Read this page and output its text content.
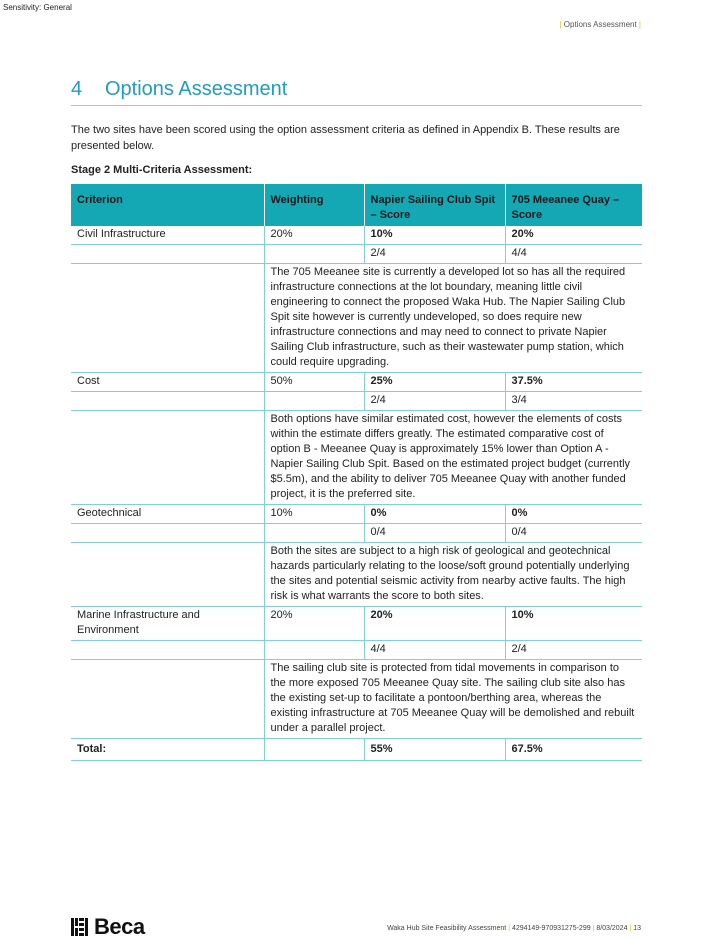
Sensitivity: General
| Options Assessment |
4 Options Assessment

The two sites have been scored using the option assessment criteria as defined in Appendix B. These results are presented below.

Stage 2 Multi-Criteria Assessment:
Criterion	Weighting	Napier Sailing Club Spit – Score	705 Meeanee Quay – Score
Civil Infrastructure	20%	10%	20%
		2/4	4/4
	The 705 Meeanee site is currently a developed lot so has all the required infrastructure connections at the lot boundary, meaning little civil engineering to connect the proposed Waka Hub. The Napier Sailing Club Spit site however is currently undeveloped, so does require new infrastructure connections and may need to connect to private Napier Sailing Club infrastructure, such as their wastewater pump station, which could require upgrading.		
Cost	50%	25%	37.5%
		2/4	3/4
	Both options have similar estimated cost, however the elements of costs within the estimate differs greatly. The estimated comparative cost of option B - Meeanee Quay is approximately 15% lower than Option A - Napier Sailing Club Spit. Based on the estimated project budget (currently $5.5m), and the ability to deliver 705 Meeanee Quay with another funded project, it is the preferred site.		
Geotechnical	10%	0%	0%
		0/4	0/4
	Both the sites are subject to a high risk of geological and geotechnical hazards particularly relating to the loose/soft ground potentially underlying the sites and potential seismic activity from nearby active faults. The high risk is what warrants the score to both sites.		
Marine Infrastructure and Environment	20%	20%	10%
		4/4	2/4
	The sailing club site is protected from tidal movements in comparison to the more exposed 705 Meeanee Quay site. The sailing club site also has the existing set-up to facilitate a pontoon/berthing area, whereas the existing infrastructure at 705 Meeanee Quay will be demolished and rebuilt under a parallel project.		
Total:		55%	67.5%
Beca	Waka Hub Site Feasibility Assessment | 4294149-970931275-299 | 8/03/2024 | 13
